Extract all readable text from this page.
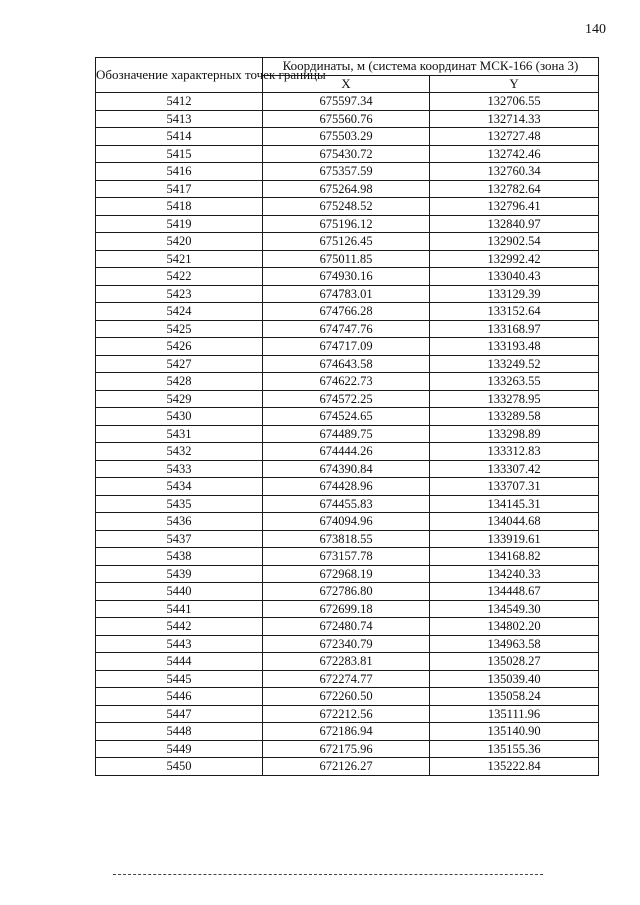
140
Обозначение характерных точек границы	Координаты, м (система координат МСК-166 (зона 3)	
	X	Y
5412	675597.34	132706.55
5413	675560.76	132714.33
5414	675503.29	132727.48
5415	675430.72	132742.46
5416	675357.59	132760.34
5417	675264.98	132782.64
5418	675248.52	132796.41
5419	675196.12	132840.97
5420	675126.45	132902.54
5421	675011.85	132992.42
5422	674930.16	133040.43
5423	674783.01	133129.39
5424	674766.28	133152.64
5425	674747.76	133168.97
5426	674717.09	133193.48
5427	674643.58	133249.52
5428	674622.73	133263.55
5429	674572.25	133278.95
5430	674524.65	133289.58
5431	674489.75	133298.89
5432	674444.26	133312.83
5433	674390.84	133307.42
5434	674428.96	133707.31
5435	674455.83	134145.31
5436	674094.96	134044.68
5437	673818.55	133919.61
5438	673157.78	134168.82
5439	672968.19	134240.33
5440	672786.80	134448.67
5441	672699.18	134549.30
5442	672480.74	134802.20
5443	672340.79	134963.58
5444	672283.81	135028.27
5445	672274.77	135039.40
5446	672260.50	135058.24
5447	672212.56	135111.96
5448	672186.94	135140.90
5449	672175.96	135155.36
5450	672126.27	135222.84
